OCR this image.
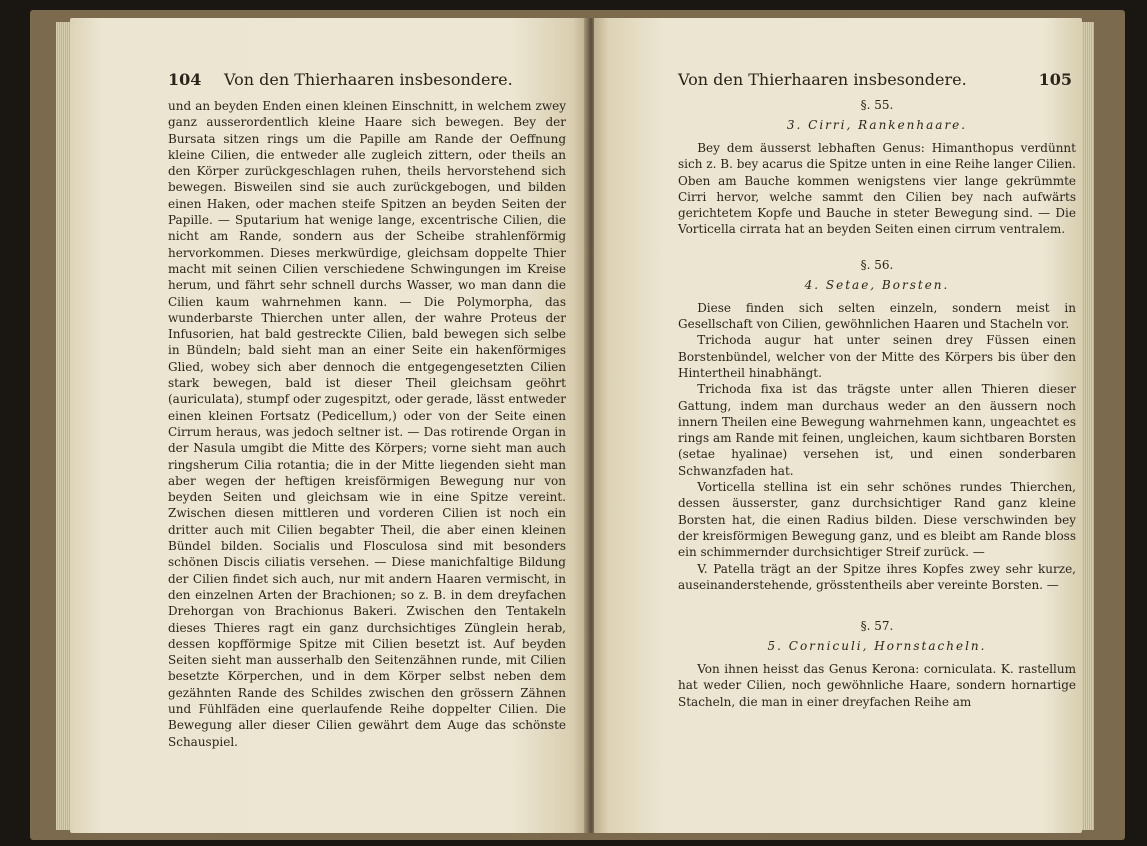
104 Von den Thierhaaren insbesondere.

und an beyden Enden einen kleinen Einschnitt, in welchem zwey ganz ausserordentlich kleine Haare sich bewegen. Bey der Bursata sitzen rings um die Papille am Rande der Oeffnung kleine Cilien, die entweder alle zugleich zittern, oder theils an den Körper zurückgeschlagen ruhen, theils hervorstehend sich bewegen. Bisweilen sind sie auch zurückgebogen, und bilden einen Haken, oder machen steife Spitzen an beyden Seiten der Papille. — Sputarium hat wenige lange, excentrische Cilien, die nicht am Rande, sondern aus der Scheibe strahlenförmig hervorkommen. Dieses merkwürdige, gleichsam doppelte Thier macht mit seinen Cilien verschiedene Schwingungen im Kreise herum, und fährt sehr schnell durchs Wasser, wo man dann die Cilien kaum wahrnehmen kann. — Die Polymorpha, das wunderbarste Thierchen unter allen, der wahre Proteus der Infusorien, hat bald gestreckte Cilien, bald bewegen sich selbe in Bündeln; bald sieht man an einer Seite ein hakenförmiges Glied, wobey sich aber dennoch die entgegengesetzten Cilien stark bewegen, bald ist dieser Theil gleichsam geöhrt (auriculata), stumpf oder zugespitzt, oder gerade, lässt entweder einen kleinen Fortsatz (Pedicellum,) oder von der Seite einen Cirrum heraus, was jedoch seltner ist. — Das rotirende Organ in der Nasula umgibt die Mitte des Körpers; vorne sieht man auch ringsherum Cilia rotantia; die in der Mitte liegenden sieht man aber wegen der heftigen kreisförmigen Bewegung nur von beyden Seiten und gleichsam wie in eine Spitze vereint. Zwischen diesen mittleren und vorderen Cilien ist noch ein dritter auch mit Cilien begabter Theil, die aber einen kleinen Bündel bilden. Socialis und Flosculosa sind mit besonders schönen Discis ciliatis versehen. — Diese manichfaltige Bildung der Cilien findet sich auch, nur mit andern Haaren vermischt, in den einzelnen Arten der Brachionen; so z. B. in dem dreyfachen Drehorgan von Brachionus Bakeri. Zwischen den Tentakeln dieses Thieres ragt ein ganz durchsichtiges Zünglein herab, dessen kopfförmige Spitze mit Cilien besetzt ist. Auf beyden Seiten sieht man ausserhalb den Seitenzähnen runde, mit Cilien besetzte Körperchen, und in dem Körper selbst neben dem gezähnten Rande des Schildes zwischen den grössern Zähnen und Fühlfäden eine querlaufende Reihe doppelter Cilien. Die Bewegung aller dieser Cilien gewährt dem Auge das schönste Schauspiel.

Von den Thierhaaren insbesondere.	105
§. 55.
3. Cirri, Rankenhaare.

Bey dem äusserst lebhaften Genus: Himanthopus verdünnt sich z. B. bey acarus die Spitze unten in eine Reihe langer Cilien. Oben am Bauche kommen wenigstens vier lange gekrümmte Cirri hervor, welche sammt den Cilien bey nach aufwärts gerichtetem Kopfe und Bauche in steter Bewegung sind. — Die Vorticella cirrata hat an beyden Seiten einen cirrum ventralem.

§. 56.
4. Setae, Borsten.

Diese finden sich selten einzeln, sondern meist in Gesellschaft von Cilien, gewöhnlichen Haaren und Stacheln vor.

Trichoda augur hat unter seinen drey Füssen einen Borstenbündel, welcher von der Mitte des Körpers bis über den Hintertheil hinabhängt.

Trichoda fixa ist das trägste unter allen Thieren dieser Gattung, indem man durchaus weder an den äussern noch innern Theilen eine Bewegung wahrnehmen kann, ungeachtet es rings am Rande mit feinen, ungleichen, kaum sichtbaren Borsten (setae hyalinae) versehen ist, und einen sonderbaren Schwanzfaden hat.

Vorticella stellina ist ein sehr schönes rundes Thierchen, dessen äusserster, ganz durchsichtiger Rand ganz kleine Borsten hat, die einen Radius bilden. Diese verschwinden bey der kreisförmigen Bewegung ganz, und es bleibt am Rande bloss ein schimmernder durchsichtiger Streif zurück. —

V. Patella trägt an der Spitze ihres Kopfes zwey sehr kurze, auseinanderstehende, grösstentheils aber vereinte Borsten. —

§. 57.
5. Corniculi, Hornstacheln.

Von ihnen heisst das Genus Kerona: corniculata. K. rastellum hat weder Cilien, noch gewöhnliche Haare, sondern hornartige Stacheln, die man in einer dreyfachen Reihe am
